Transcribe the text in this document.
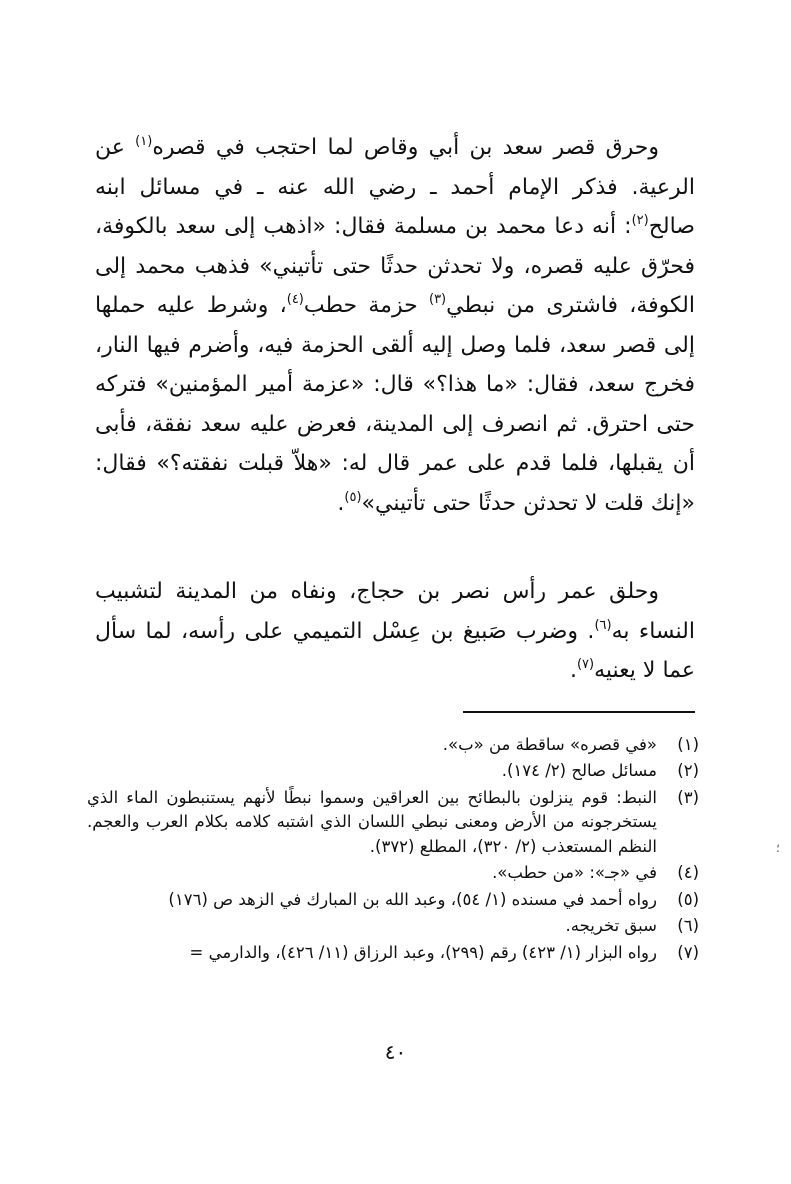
وحرق قصر سعد بن أبي وقاص لما احتجب في قصره$^{(١)}$ عن الرعية. فذكر الإمام أحمد ـ رضي الله عنه ـ في مسائل ابنه صالح$^{(٢)}$: أنه دعا محمد بن مسلمة فقال: «اذهب إلى سعد بالكوفة، فحرّق عليه قصره، ولا تحدثن حدثًا حتى تأتيني» فذهب محمد إلى الكوفة، فاشترى من نبطي$^{(٣)}$ حزمة حطب$^{(٤)}$، وشرط عليه حملها إلى قصر سعد، فلما وصل إليه ألقى الحزمة فيه، وأضرم فيها النار، فخرج سعد، فقال: «ما هذا؟» قال: «عزمة أمير المؤمنين» فتركه حتى احترق. ثم انصرف إلى المدينة، فعرض عليه سعد نفقة، فأبى أن يقبلها، فلما قدم على عمر قال له: «هلاّ قبلت نفقته؟» فقال: «إنك قلت لا تحدثن حدثًا حتى تأتيني»$^{(٥)}$.

وحلق عمر رأس نصر بن حجاج، ونفاه من المدينة لتشبيب النساء به$^{(٦)}$. وضرب صَبيغ بن عِسْل التميمي على رأسه، لما سأل عما لا يعنيه$^{(٧)}$.

(١)
«في قصره» ساقطة من «ب».
(٢)
مسائل صالح (٢/ ١٧٤).
(٣)
النبط: قوم ينزلون بالبطائح بين العراقين وسموا نبطًا لأنهم يستنبطون الماء الذي يستخرجونه من الأرض ومعنى نبطي اللسان الذي اشتبه كلامه بكلام العرب والعجم. النظم المستعذب (٢/ ٣٢٠)، المطلع (٣٧٢).
(٤)
في «جـ»: «من حطب».
(٥)
رواه أحمد في مسنده (١/ ٥٤)، وعبد الله بن المبارك في الزهد ص (١٧٦)
(٦)
سبق تخريجه.
(٧)
رواه البزار (١/ ٤٢٣) رقم (٢٩٩)، وعبد الرزاق (١١/ ٤٢٦)، والدارمي =
٤٠
؛
